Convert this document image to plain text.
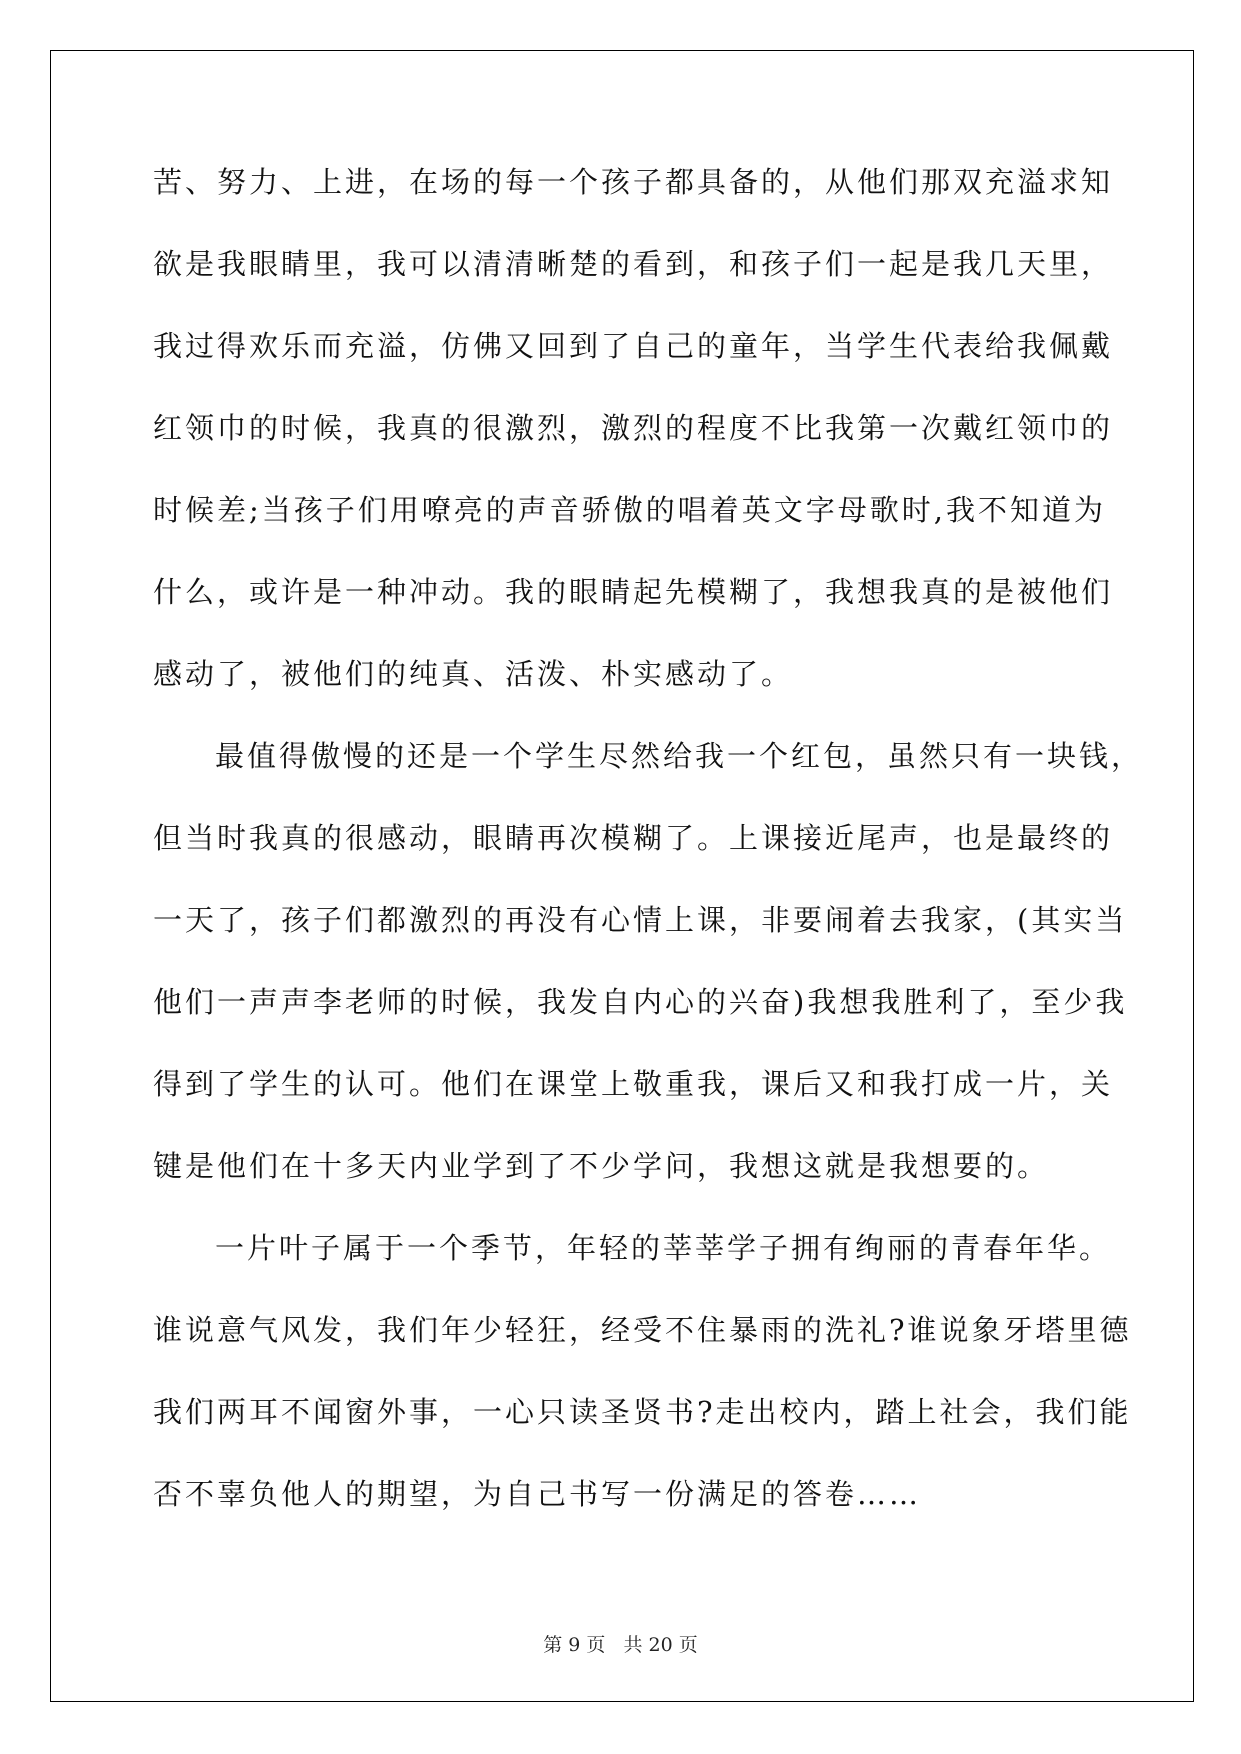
苦、努力、上进，在场的每一个孩子都具备的，从他们那双充溢求知
欲是我眼睛里，我可以清清晰楚的看到，和孩子们一起是我几天里，
我过得欢乐而充溢，仿佛又回到了自己的童年，当学生代表给我佩戴
红领巾的时候，我真的很激烈，激烈的程度不比我第一次戴红领巾的
时候差;当孩子们用嘹亮的声音骄傲的唱着英文字母歌时,我不知道为
什么，或许是一种冲动。我的眼睛起先模糊了，我想我真的是被他们
感动了，被他们的纯真、活泼、朴实感动了。
最值得傲慢的还是一个学生尽然给我一个红包，虽然只有一块钱，
但当时我真的很感动，眼睛再次模糊了。上课接近尾声，也是最终的
一天了，孩子们都激烈的再没有心情上课，非要闹着去我家，(其实当
他们一声声李老师的时候，我发自内心的兴奋)我想我胜利了，至少我
得到了学生的认可。他们在课堂上敬重我，课后又和我打成一片，关
键是他们在十多天内业学到了不少学问，我想这就是我想要的。
一片叶子属于一个季节，年轻的莘莘学子拥有绚丽的青春年华。
谁说意气风发，我们年少轻狂，经受不住暴雨的洗礼?谁说象牙塔里德
我们两耳不闻窗外事，一心只读圣贤书?走出校内，踏上社会，我们能
否不辜负他人的期望，为自己书写一份满足的答卷……
第 9 页 共 20 页
